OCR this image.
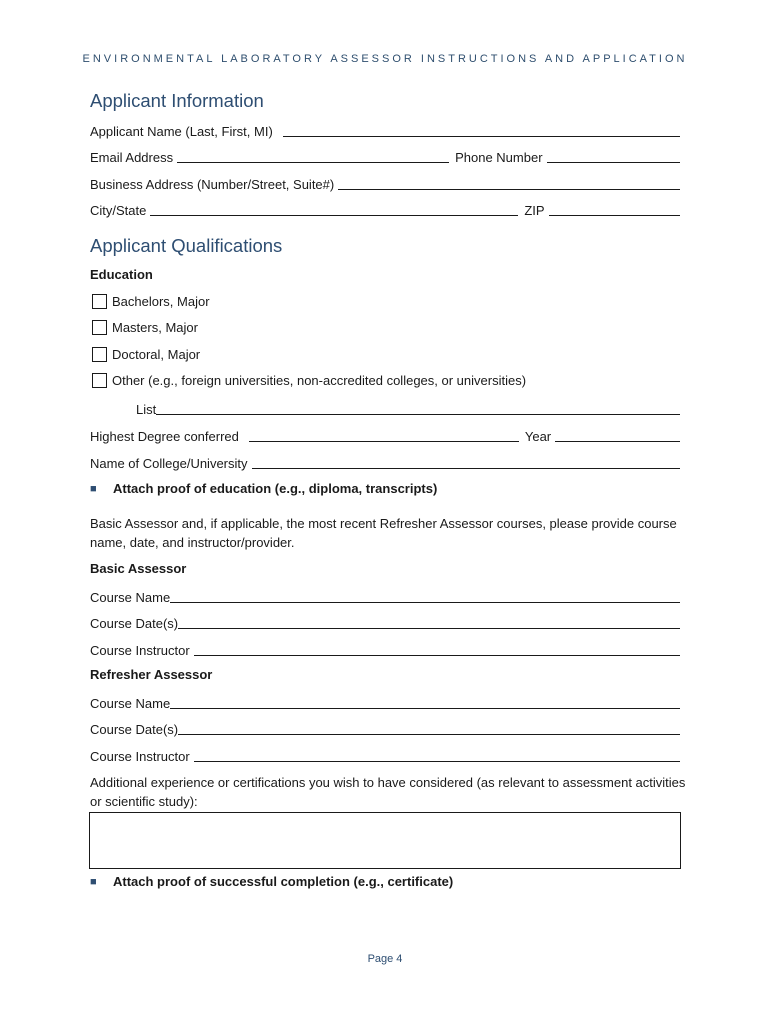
ENVIRONMENTAL LABORATORY ASSESSOR INSTRUCTIONS AND APPLICATION
Applicant Information
Applicant Name (Last, First, MI)
Email Address	Phone Number
Business Address (Number/Street, Suite#)
City/State	ZIP
Applicant Qualifications
Education
Bachelors, Major
Masters, Major
Doctoral, Major
Other (e.g., foreign universities, non-accredited colleges, or universities)
List
Highest Degree conferred	Year
Name of College/University
■	Attach proof of education (e.g., diploma, transcripts)
Basic Assessor and, if applicable, the most recent Refresher Assessor courses, please provide course name, date, and instructor/provider.
Basic Assessor
Course Name
Course Date(s)
Course Instructor
Refresher Assessor
Course Name
Course Date(s)
Course Instructor
Additional experience or certifications you wish to have considered (as relevant to assessment activities or scientific study):
■	Attach proof of successful completion (e.g., certificate)
Page 4
